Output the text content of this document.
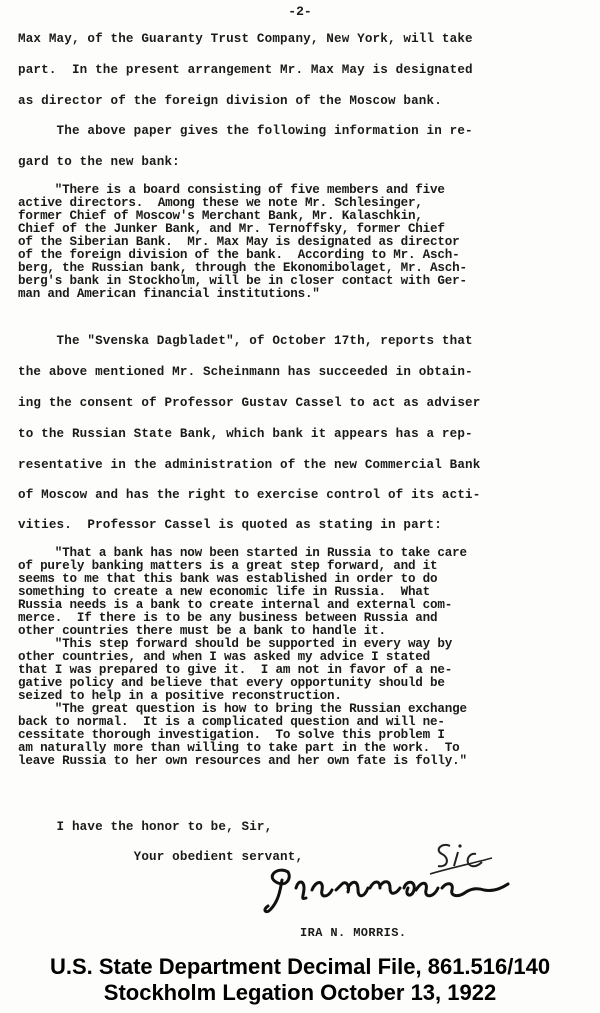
-2-
Max May, of the Guaranty Trust Company, New York, will take
part.  In the present arrangement Mr. Max May is designated
as director of the foreign division of the Moscow bank.
The above paper gives the following information in re-
gard to the new bank:
"There is a board consisting of five members and five
active directors.  Among these we note Mr. Schlesinger,
former Chief of Moscow's Merchant Bank, Mr. Kalaschkin,
Chief of the Junker Bank, and Mr. Ternoffsky, former Chief
of the Siberian Bank.  Mr. Max May is designated as director
of the foreign division of the bank.  According to Mr. Asch-
berg, the Russian bank, through the Ekonomibolaget, Mr. Asch-
berg's bank in Stockholm, will be in closer contact with Ger-
man and American financial institutions."
The "Svenska Dagbladet", of October 17th, reports that
the above mentioned Mr. Scheinmann has succeeded in obtain-
ing the consent of Professor Gustav Cassel to act as adviser
to the Russian State Bank, which bank it appears has a rep-
resentative in the administration of the new Commercial Bank
of Moscow and has the right to exercise control of its acti-
vities.  Professor Cassel is quoted as stating in part:
"That a bank has now been started in Russia to take care
of purely banking matters is a great step forward, and it
seems to me that this bank was established in order to do
something to create a new economic life in Russia.  What
Russia needs is a bank to create internal and external com-
merce.  If there is to be any business between Russia and
other countries there must be a bank to handle it.
"This step forward should be supported in every way by
other countries, and when I was asked my advice I stated
that I was prepared to give it.  I am not in favor of a ne-
gative policy and believe that every opportunity should be
seized to help in a positive reconstruction.
"The great question is how to bring the Russian exchange
back to normal.  It is a complicated question and will ne-
cessitate thorough investigation.  To solve this problem I
am naturally more than willing to take part in the work.  To
leave Russia to her own resources and her own fate is folly."
I have the honor to be, Sir,
Your obedient servant,
IRA N. MORRIS.
U.S. State Department Decimal File, 861.516/140
Stockholm Legation October 13, 1922
